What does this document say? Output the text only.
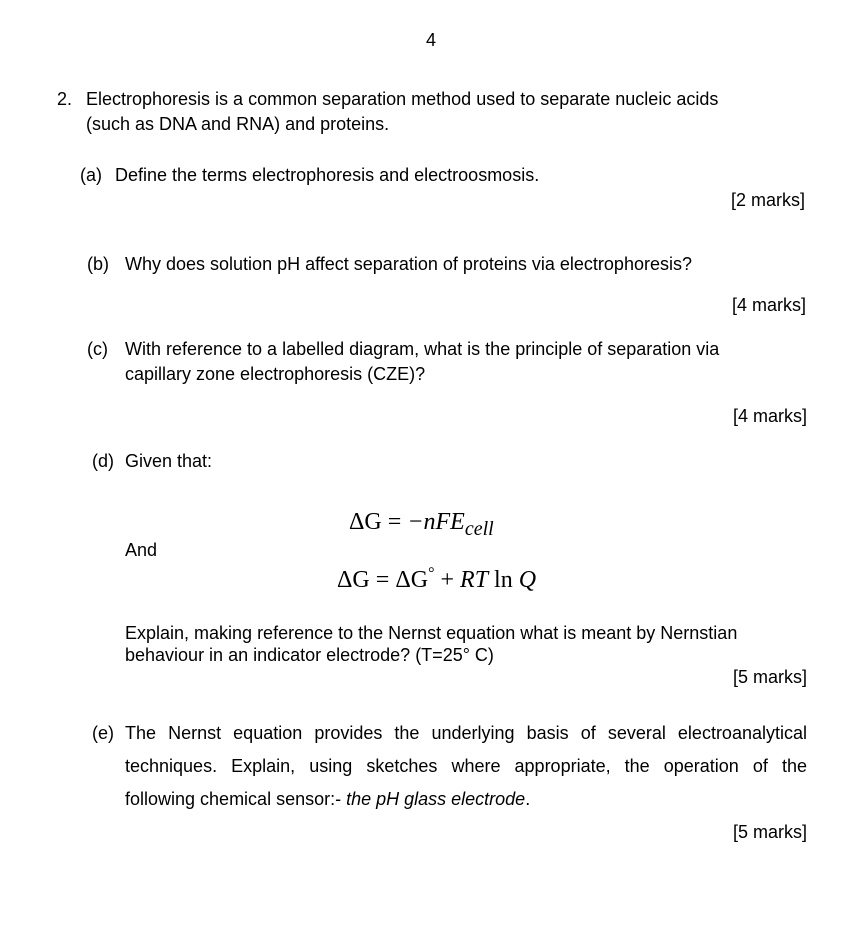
4
2. Electrophoresis is a common separation method used to separate nucleic acids
(such as DNA and RNA) and proteins.
(a) Define the terms electrophoresis and electroosmosis.
[2 marks]
(b) Why does solution pH affect separation of proteins via electrophoresis?
[4 marks]
(c) With reference to a labelled diagram, what is the principle of separation via
capillary zone electrophoresis (CZE)?
[4 marks]
(d) Given that:
ΔG = −nFE$_{cell}$
And
ΔG = ΔG° + RT ln Q
Explain, making reference to the Nernst equation what is meant by Nernstian
behaviour in an indicator electrode? (T=25° C)
[5 marks]
(e) The Nernst equation provides the underlying basis of several electroanalytical
techniques. Explain, using sketches where appropriate, the operation of the
following chemical sensor:- the pH glass electrode.
[5 marks]
